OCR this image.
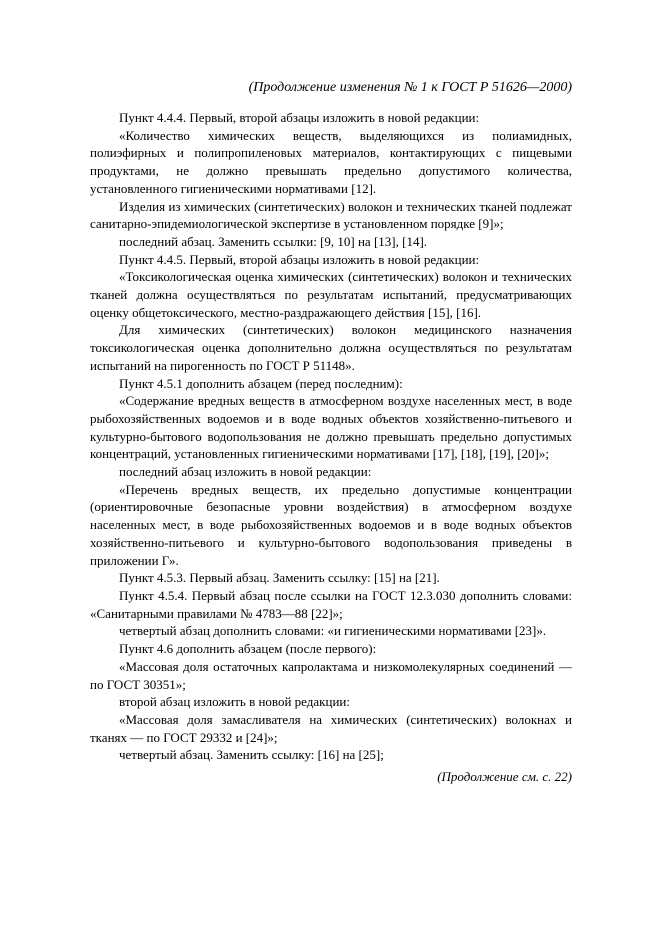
(Продолжение изменения № 1 к ГОСТ Р 51626—2000)

Пункт 4.4.4. Первый, второй абзацы изложить в новой редакции:

«Количество химических веществ, выделяющихся из полиамидных, полиэфирных и полипропиленовых материалов, контактирующих с пищевыми продуктами, не должно превышать предельно допустимого количества, установленного гигиеническими нормативами [12].

Изделия из химических (синтетических) волокон и технических тканей подлежат санитарно-эпидемиологической экспертизе в установленном порядке [9]»;

последний абзац. Заменить ссылки: [9, 10] на [13], [14].

Пункт 4.4.5. Первый, второй абзацы изложить в новой редакции:

«Токсикологическая оценка химических (синтетических) волокон и технических тканей должна осуществляться по результатам испытаний, предусматривающих оценку общетоксического, местно-раздражающего действия [15], [16].

Для химических (синтетических) волокон медицинского назначения токсикологическая оценка дополнительно должна осуществляться по результатам испытаний на пирогенность по ГОСТ Р 51148».

Пункт 4.5.1 дополнить абзацем (перед последним):

«Содержание вредных веществ в атмосферном воздухе населенных мест, в воде рыбохозяйственных водоемов и в воде водных объектов хозяйственно-питьевого и культурно-бытового водопользования не должно превышать предельно допустимых концентраций, установленных гигиеническими нормативами [17], [18], [19], [20]»;

последний абзац изложить в новой редакции:

«Перечень вредных веществ, их предельно допустимые концентрации (ориентировочные безопасные уровни воздействия) в атмосферном воздухе населенных мест, в воде рыбохозяйственных водоемов и в воде водных объектов хозяйственно-питьевого и культурно-бытового водопользования приведены в приложении Г».

Пункт 4.5.3. Первый абзац. Заменить ссылку: [15] на [21].

Пункт 4.5.4. Первый абзац после ссылки на ГОСТ 12.3.030 дополнить словами: «Санитарными правилами № 4783—88 [22]»;

четвертый абзац дополнить словами: «и гигиеническими нормативами [23]».

Пункт 4.6 дополнить абзацем (после первого):

«Массовая доля остаточных капролактама и низкомолекулярных соединений — по ГОСТ 30351»;

второй абзац изложить в новой редакции:

«Массовая доля замасливателя на химических (синтетических) волокнах и тканях — по ГОСТ 29332 и [24]»;

четвертый абзац. Заменить ссылку: [16] на [25];

(Продолжение см. с. 22)
